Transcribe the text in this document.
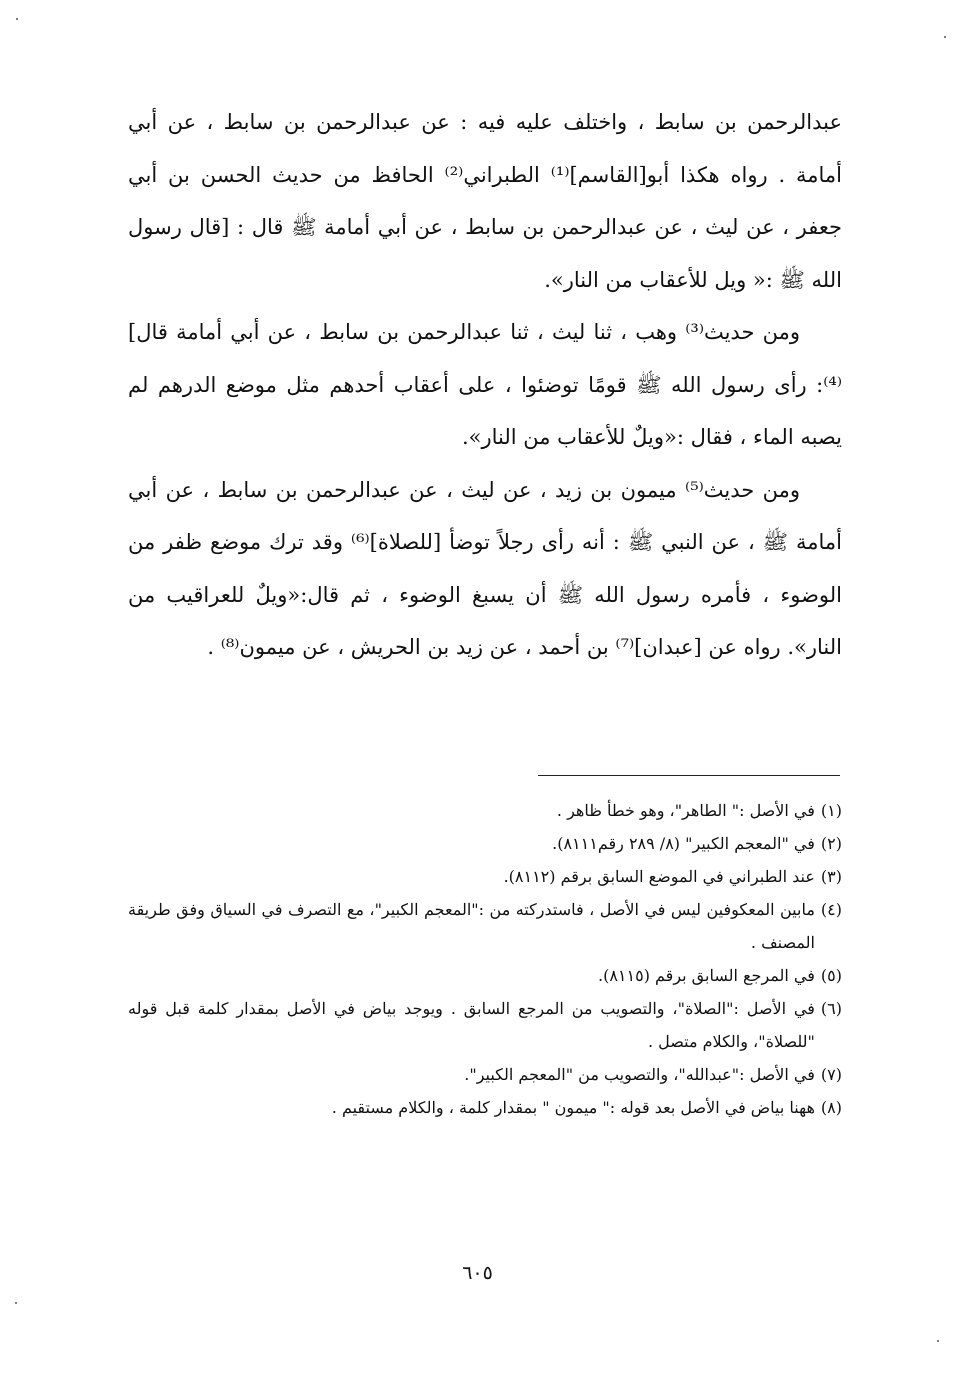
عبدالرحمن بن سابط ، واختلف عليه فيه : عن عبدالرحمن بن سابط ، عن أبي أمامة . رواه هكذا أبو[القاسم]⁽¹⁾ الطبراني⁽²⁾ الحافظ من حديث الحسن بن أبي جعفر ، عن ليث ، عن عبدالرحمن بن سابط ، عن أبي أمامة ﷺ قال : [قال رسول الله ﷺ :« ويل للأعقاب من النار».

ومن حديث⁽³⁾ وهب ، ثنا ليث ، ثنا عبدالرحمن بن سابط ، عن أبي أمامة قال]⁽⁴⁾: رأى رسول الله ﷺ قومًا توضئوا ، على أعقاب أحدهم مثل موضع الدرهم لم يصبه الماء ، فقال :«ويلٌ للأعقاب من النار».

ومن حديث⁽⁵⁾ ميمون بن زيد ، عن ليث ، عن عبدالرحمن بن سابط ، عن أبي أمامة ﷺ ، عن النبي ﷺ : أنه رأى رجلاً توضأ [للصلاة]⁽⁶⁾ وقد ترك موضع ظفر من الوضوء ، فأمره رسول الله ﷺ أن يسبغ الوضوء ، ثم قال:«ويلٌ للعراقيب من النار». رواه عن [عبدان]⁽⁷⁾ بن أحمد ، عن زيد بن الحريش ، عن ميمون⁽⁸⁾ .

(١)
في الأصل :" الطاهر"، وهو خطأ ظاهر .
(٢)
في "المعجم الكبير" (٨/ ٢٨٩ رقم٨١١١).
(٣)
عند الطبراني في الموضع السابق برقم (٨١١٢).
(٤)
مابين المعكوفين ليس في الأصل ، فاستدركته من :"المعجم الكبير"، مع التصرف في السياق وفق طريقة المصنف .
(٥)
في المرجع السابق برقم (٨١١٥).
(٦)
في الأصل :"الصلاة"، والتصويب من المرجع السابق . ويوجد بياض في الأصل بمقدار كلمة قبل قوله "للصلاة"، والكلام متصل .
(٧)
في الأصل :"عبدالله"، والتصويب من "المعجم الكبير".
(٨)
ههنا بياض في الأصل بعد قوله :" ميمون " بمقدار كلمة ، والكلام مستقيم .
٦٠٥
